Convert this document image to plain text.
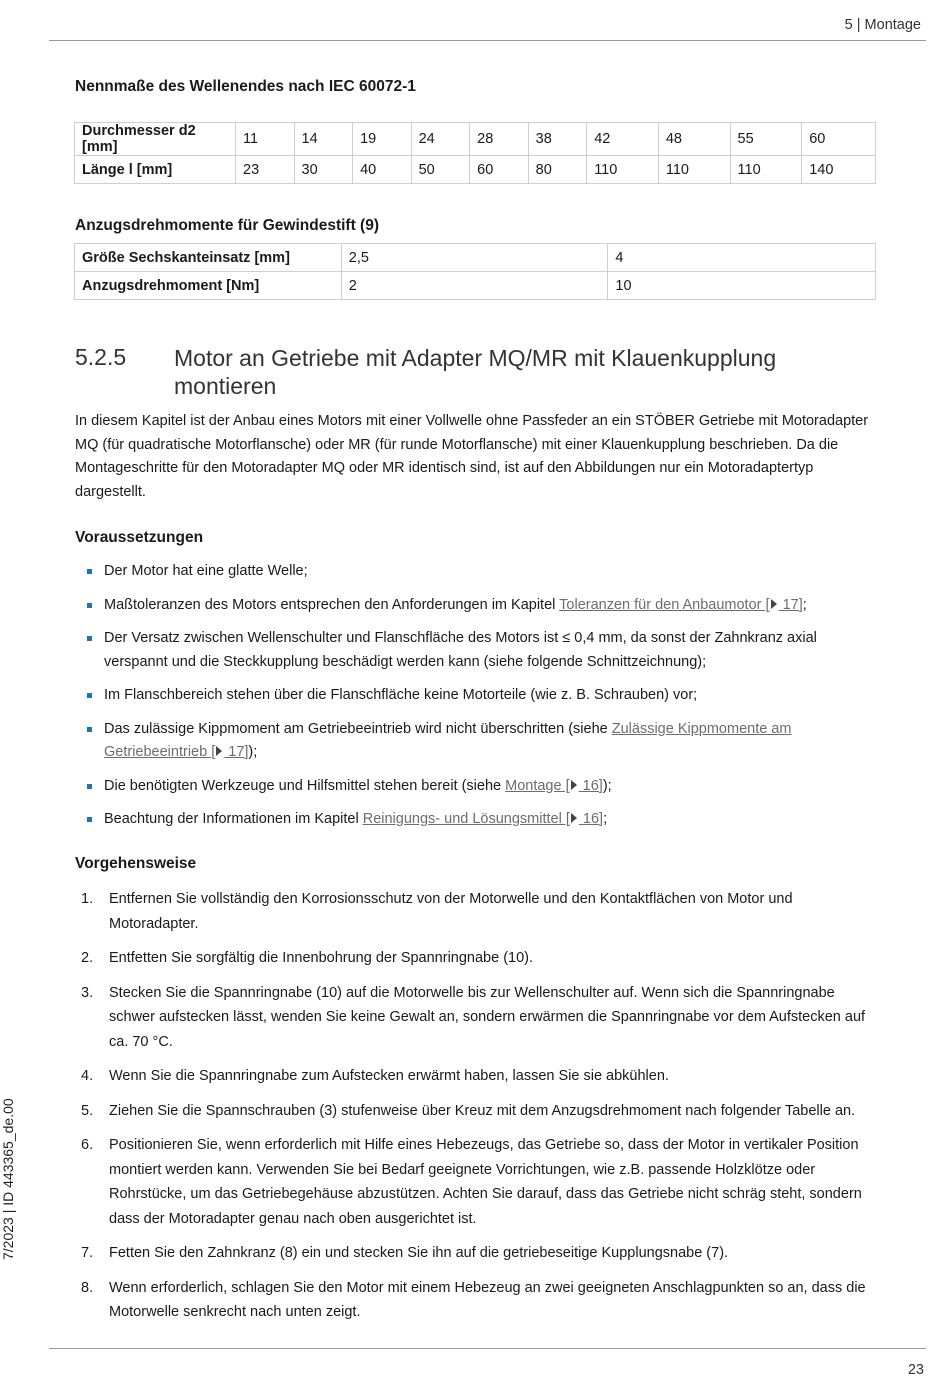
5 | Montage
Nennmaße des Wellenendes nach IEC 60072-1
Durchmesser d2 [mm]	11	14	19	24	28	38	42	48	55	60
Länge l [mm]	23	30	40	50	60	80	110	110	110	140
Anzugsdrehmomente für Gewindestift (9)
Größe Sechskanteinsatz [mm]	2,5	4
Anzugsdrehmoment [Nm]	2	10
5.2.5 Motor an Getriebe mit Adapter MQ/MR mit Klauenkupplung montieren

In diesem Kapitel ist der Anbau eines Motors mit einer Vollwelle ohne Passfeder an ein STÖBER Getriebe mit Motoradapter MQ (für quadratische Motorflansche) oder MR (für runde Motorflansche) mit einer Klauenkupplung beschrieben. Da die Montageschritte für den Motoradapter MQ oder MR identisch sind, ist auf den Abbildungen nur ein Motoradaptertyp dargestellt.

Voraussetzungen
Der Motor hat eine glatte Welle;
Maßtoleranzen des Motors entsprechen den Anforderungen im Kapitel Toleranzen für den Anbaumotor [ 17];
Der Versatz zwischen Wellenschulter und Flanschfläche des Motors ist ≤ 0,4 mm, da sonst der Zahnkranz axial verspannt und die Steckkupplung beschädigt werden kann (siehe folgende Schnittzeichnung);
Im Flanschbereich stehen über die Flanschfläche keine Motorteile (wie z. B. Schrauben) vor;
Das zulässige Kippmoment am Getriebeeintrieb wird nicht überschritten (siehe Zulässige Kippmomente am Getriebeeintrieb [ 17]);
Die benötigten Werkzeuge und Hilfsmittel stehen bereit (siehe Montage [ 16]);
Beachtung der Informationen im Kapitel Reinigungs- und Lösungsmittel [ 16];
Vorgehensweise
1. Entfernen Sie vollständig den Korrosionsschutz von der Motorwelle und den Kontaktflächen von Motor und Motoradapter.
2. Entfetten Sie sorgfältig die Innenbohrung der Spannringnabe (10).
3. Stecken Sie die Spannringnabe (10) auf die Motorwelle bis zur Wellenschulter auf. Wenn sich die Spannringnabe schwer aufstecken lässt, wenden Sie keine Gewalt an, sondern erwärmen die Spannringnabe vor dem Aufstecken auf ca. 70 °C.
4. Wenn Sie die Spannringnabe zum Aufstecken erwärmt haben, lassen Sie sie abkühlen.
5. Ziehen Sie die Spannschrauben (3) stufenweise über Kreuz mit dem Anzugsdrehmoment nach folgender Tabelle an.
6. Positionieren Sie, wenn erforderlich mit Hilfe eines Hebezeugs, das Getriebe so, dass der Motor in vertikaler Position montiert werden kann. Verwenden Sie bei Bedarf geeignete Vorrichtungen, wie z.B. passende Holzklötze oder Rohrstücke, um das Getriebegehäuse abzustützen. Achten Sie darauf, dass das Getriebe nicht schräg steht, sondern dass der Motoradapter genau nach oben ausgerichtet ist.
7. Fetten Sie den Zahnkranz (8) ein und stecken Sie ihn auf die getriebeseitige Kupplungsnabe (7).
8. Wenn erforderlich, schlagen Sie den Motor mit einem Hebezeug an zwei geeigneten Anschlagpunkten so an, dass die Motorwelle senkrecht nach unten zeigt.
7/2023 | ID 443365_de.00
23
